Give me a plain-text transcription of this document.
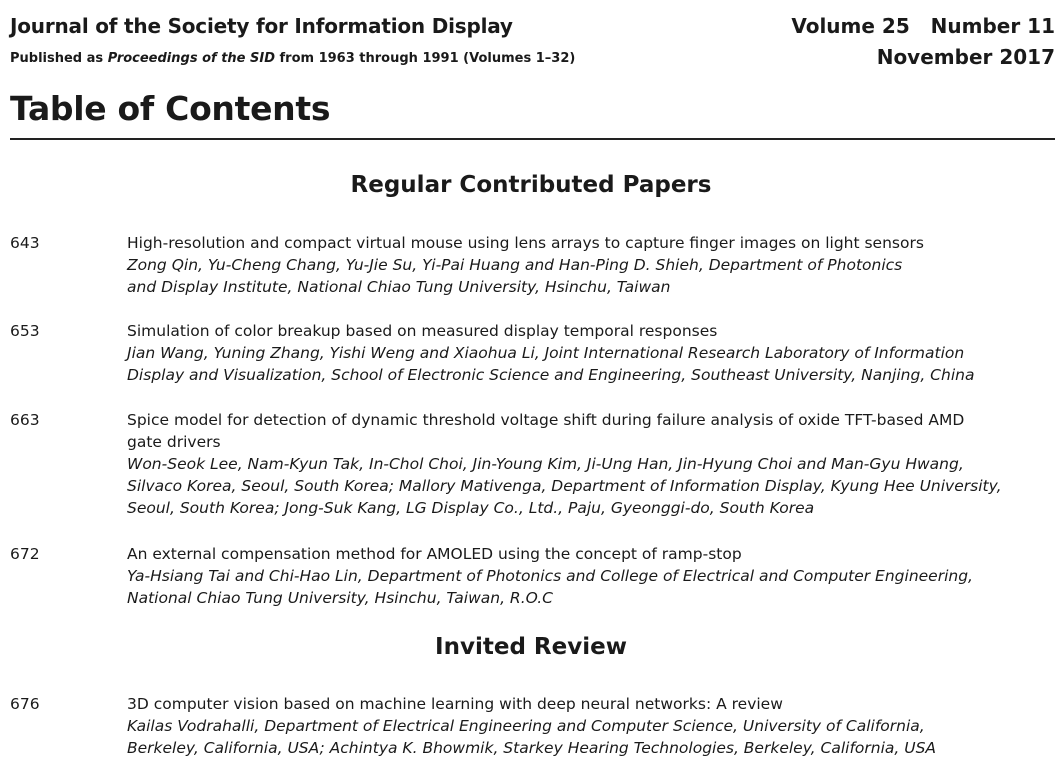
Journal of the Society for Information Display
Published as Proceedings of the SID from 1963 through 1991 (Volumes 1–32)
Volume 25   Number 11
November 2017
Table of Contents
Regular Contributed Papers
643	High-resolution and compact virtual mouse using lens arrays to capture finger images on light sensors
Zong Qin, Yu-Cheng Chang, Yu-Jie Su, Yi-Pai Huang and Han-Ping D. Shieh, Department of Photonics
and Display Institute, National Chiao Tung University, Hsinchu, Taiwan
653	Simulation of color breakup based on measured display temporal responses
Jian Wang, Yuning Zhang, Yishi Weng and Xiaohua Li, Joint International Research Laboratory of Information
Display and Visualization, School of Electronic Science and Engineering, Southeast University, Nanjing, China
663	Spice model for detection of dynamic threshold voltage shift during failure analysis of oxide TFT-based AMD
gate drivers
Won-Seok Lee, Nam-Kyun Tak, In-Chol Choi, Jin-Young Kim, Ji-Ung Han, Jin-Hyung Choi and Man-Gyu Hwang,
Silvaco Korea, Seoul, South Korea; Mallory Mativenga, Department of Information Display, Kyung Hee University,
Seoul, South Korea; Jong-Suk Kang, LG Display Co., Ltd., Paju, Gyeonggi-do, South Korea
672	An external compensation method for AMOLED using the concept of ramp-stop
Ya-Hsiang Tai and Chi-Hao Lin, Department of Photonics and College of Electrical and Computer Engineering,
National Chiao Tung University, Hsinchu, Taiwan, R.O.C
Invited Review
676	3D computer vision based on machine learning with deep neural networks: A review
Kailas Vodrahalli, Department of Electrical Engineering and Computer Science, University of California,
Berkeley, California, USA; Achintya K. Bhowmik, Starkey Hearing Technologies, Berkeley, California, USA
